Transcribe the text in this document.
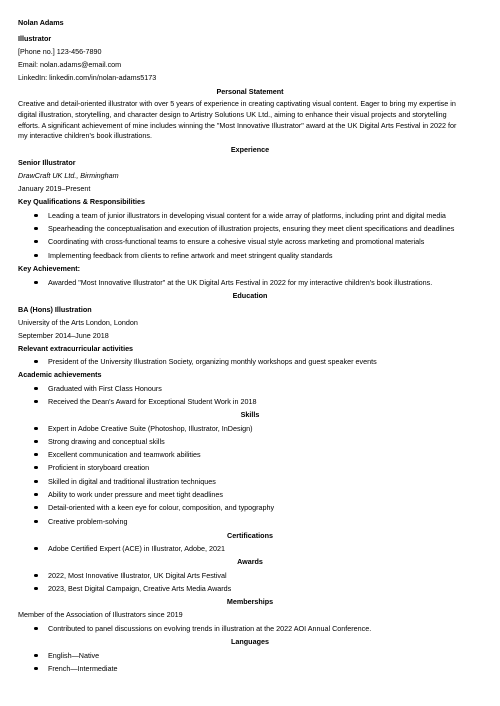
Nolan Adams
Illustrator
[Phone no.] 123-456-7890
Email: nolan.adams@email.com
LinkedIn: linkedin.com/in/nolan-adams5173
Personal Statement
Creative and detail-oriented illustrator with over 5 years of experience in creating captivating visual content. Eager to bring my expertise in
digital illustration, storytelling, and character design to Artistry Solutions UK Ltd., aiming to enhance their visual projects and storytelling
efforts. A significant achievement of mine includes winning the "Most Innovative Illustrator" award at the UK Digital Arts Festival in 2022 for
my interactive children's book illustrations.
Experience
Senior Illustrator
DrawCraft UK Ltd., Birmingham
January 2019–Present
Key Qualifications & Responsibilities
Leading a team of junior illustrators in developing visual content for a wide array of platforms, including print and digital media
Spearheading the conceptualisation and execution of illustration projects, ensuring they meet client specifications and deadlines
Coordinating with cross-functional teams to ensure a cohesive visual style across marketing and promotional materials
Implementing feedback from clients to refine artwork and meet stringent quality standards
Key Achievement:
Awarded "Most Innovative Illustrator" at the UK Digital Arts Festival in 2022 for my interactive children's book illustrations.
Education
BA (Hons) Illustration
University of the Arts London, London
September 2014–June 2018
Relevant extracurricular activities
President of the University Illustration Society, organizing monthly workshops and guest speaker events
Academic achievements
Graduated with First Class Honours
Received the Dean's Award for Exceptional Student Work in 2018
Skills
Expert in Adobe Creative Suite (Photoshop, Illustrator, InDesign)
Strong drawing and conceptual skills
Excellent communication and teamwork abilities
Proficient in storyboard creation
Skilled in digital and traditional illustration techniques
Ability to work under pressure and meet tight deadlines
Detail-oriented with a keen eye for colour, composition, and typography
Creative problem-solving
Certifications
Adobe Certified Expert (ACE) in Illustrator, Adobe, 2021
Awards
2022, Most Innovative Illustrator, UK Digital Arts Festival
2023, Best Digital Campaign, Creative Arts Media Awards
Memberships
Member of the Association of Illustrators since 2019
Contributed to panel discussions on evolving trends in illustration at the 2022 AOI Annual Conference.
Languages
English—Native
French—Intermediate
